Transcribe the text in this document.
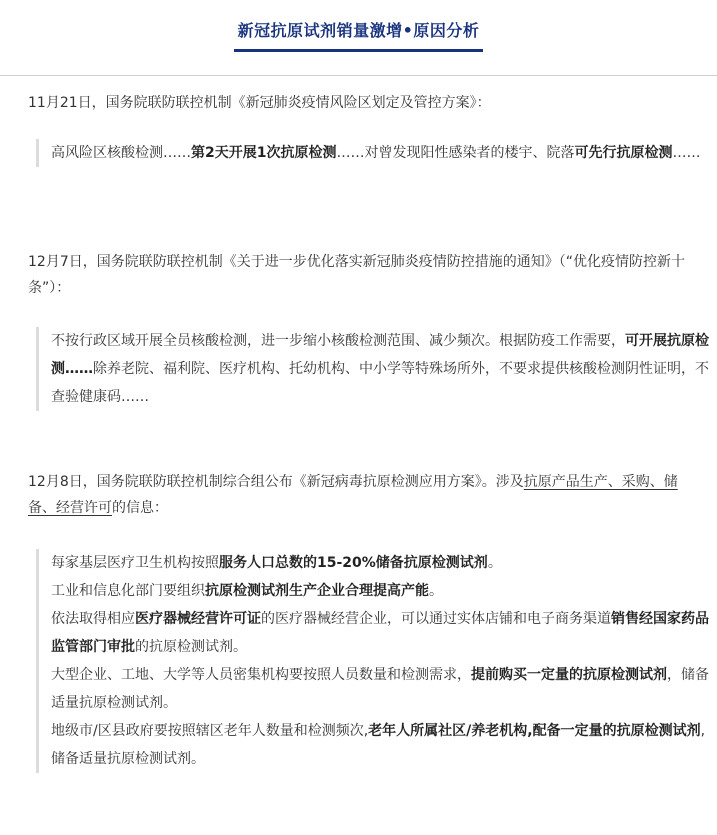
新冠抗原试剂销量激增•原因分析
11月21日，国务院联防联控机制《新冠肺炎疫情风险区划定及管控方案》：

高风险区核酸检测……第2天开展1次抗原检测……对曾发现阳性感染者的楼宇、院落可先行抗原检测……

12月7日，国务院联防联控机制《关于进一步优化落实新冠肺炎疫情防控措施的通知》（“优化疫情防控新十条”）：

不按行政区域开展全员核酸检测，进一步缩小核酸检测范围、减少频次。根据防疫工作需要，可开展抗原检测……除养老院、福利院、医疗机构、托幼机构、中小学等特殊场所外，不要求提供核酸检测阴性证明，不查验健康码……

12月8日，国务院联防联控机制综合组公布《新冠病毒抗原检测应用方案》。涉及抗原产品生产、采购、储备、经营许可的信息：

每家基层医疗卫生机构按照服务人口总数的15-20%储备抗原检测试剂。

工业和信息化部门要组织抗原检测试剂生产企业合理提高产能。

依法取得相应医疗器械经营许可证的医疗器械经营企业，可以通过实体店铺和电子商务渠道销售经国家药品监管部门审批的抗原检测试剂。

大型企业、工地、大学等人员密集机构要按照人员数量和检测需求，提前购买一定量的抗原检测试剂，储备适量抗原检测试剂。

地级市/区县政府要按照辖区老年人数量和检测频次,老年人所属社区/养老机构,配备一定量的抗原检测试剂,储备适量抗原检测试剂。
